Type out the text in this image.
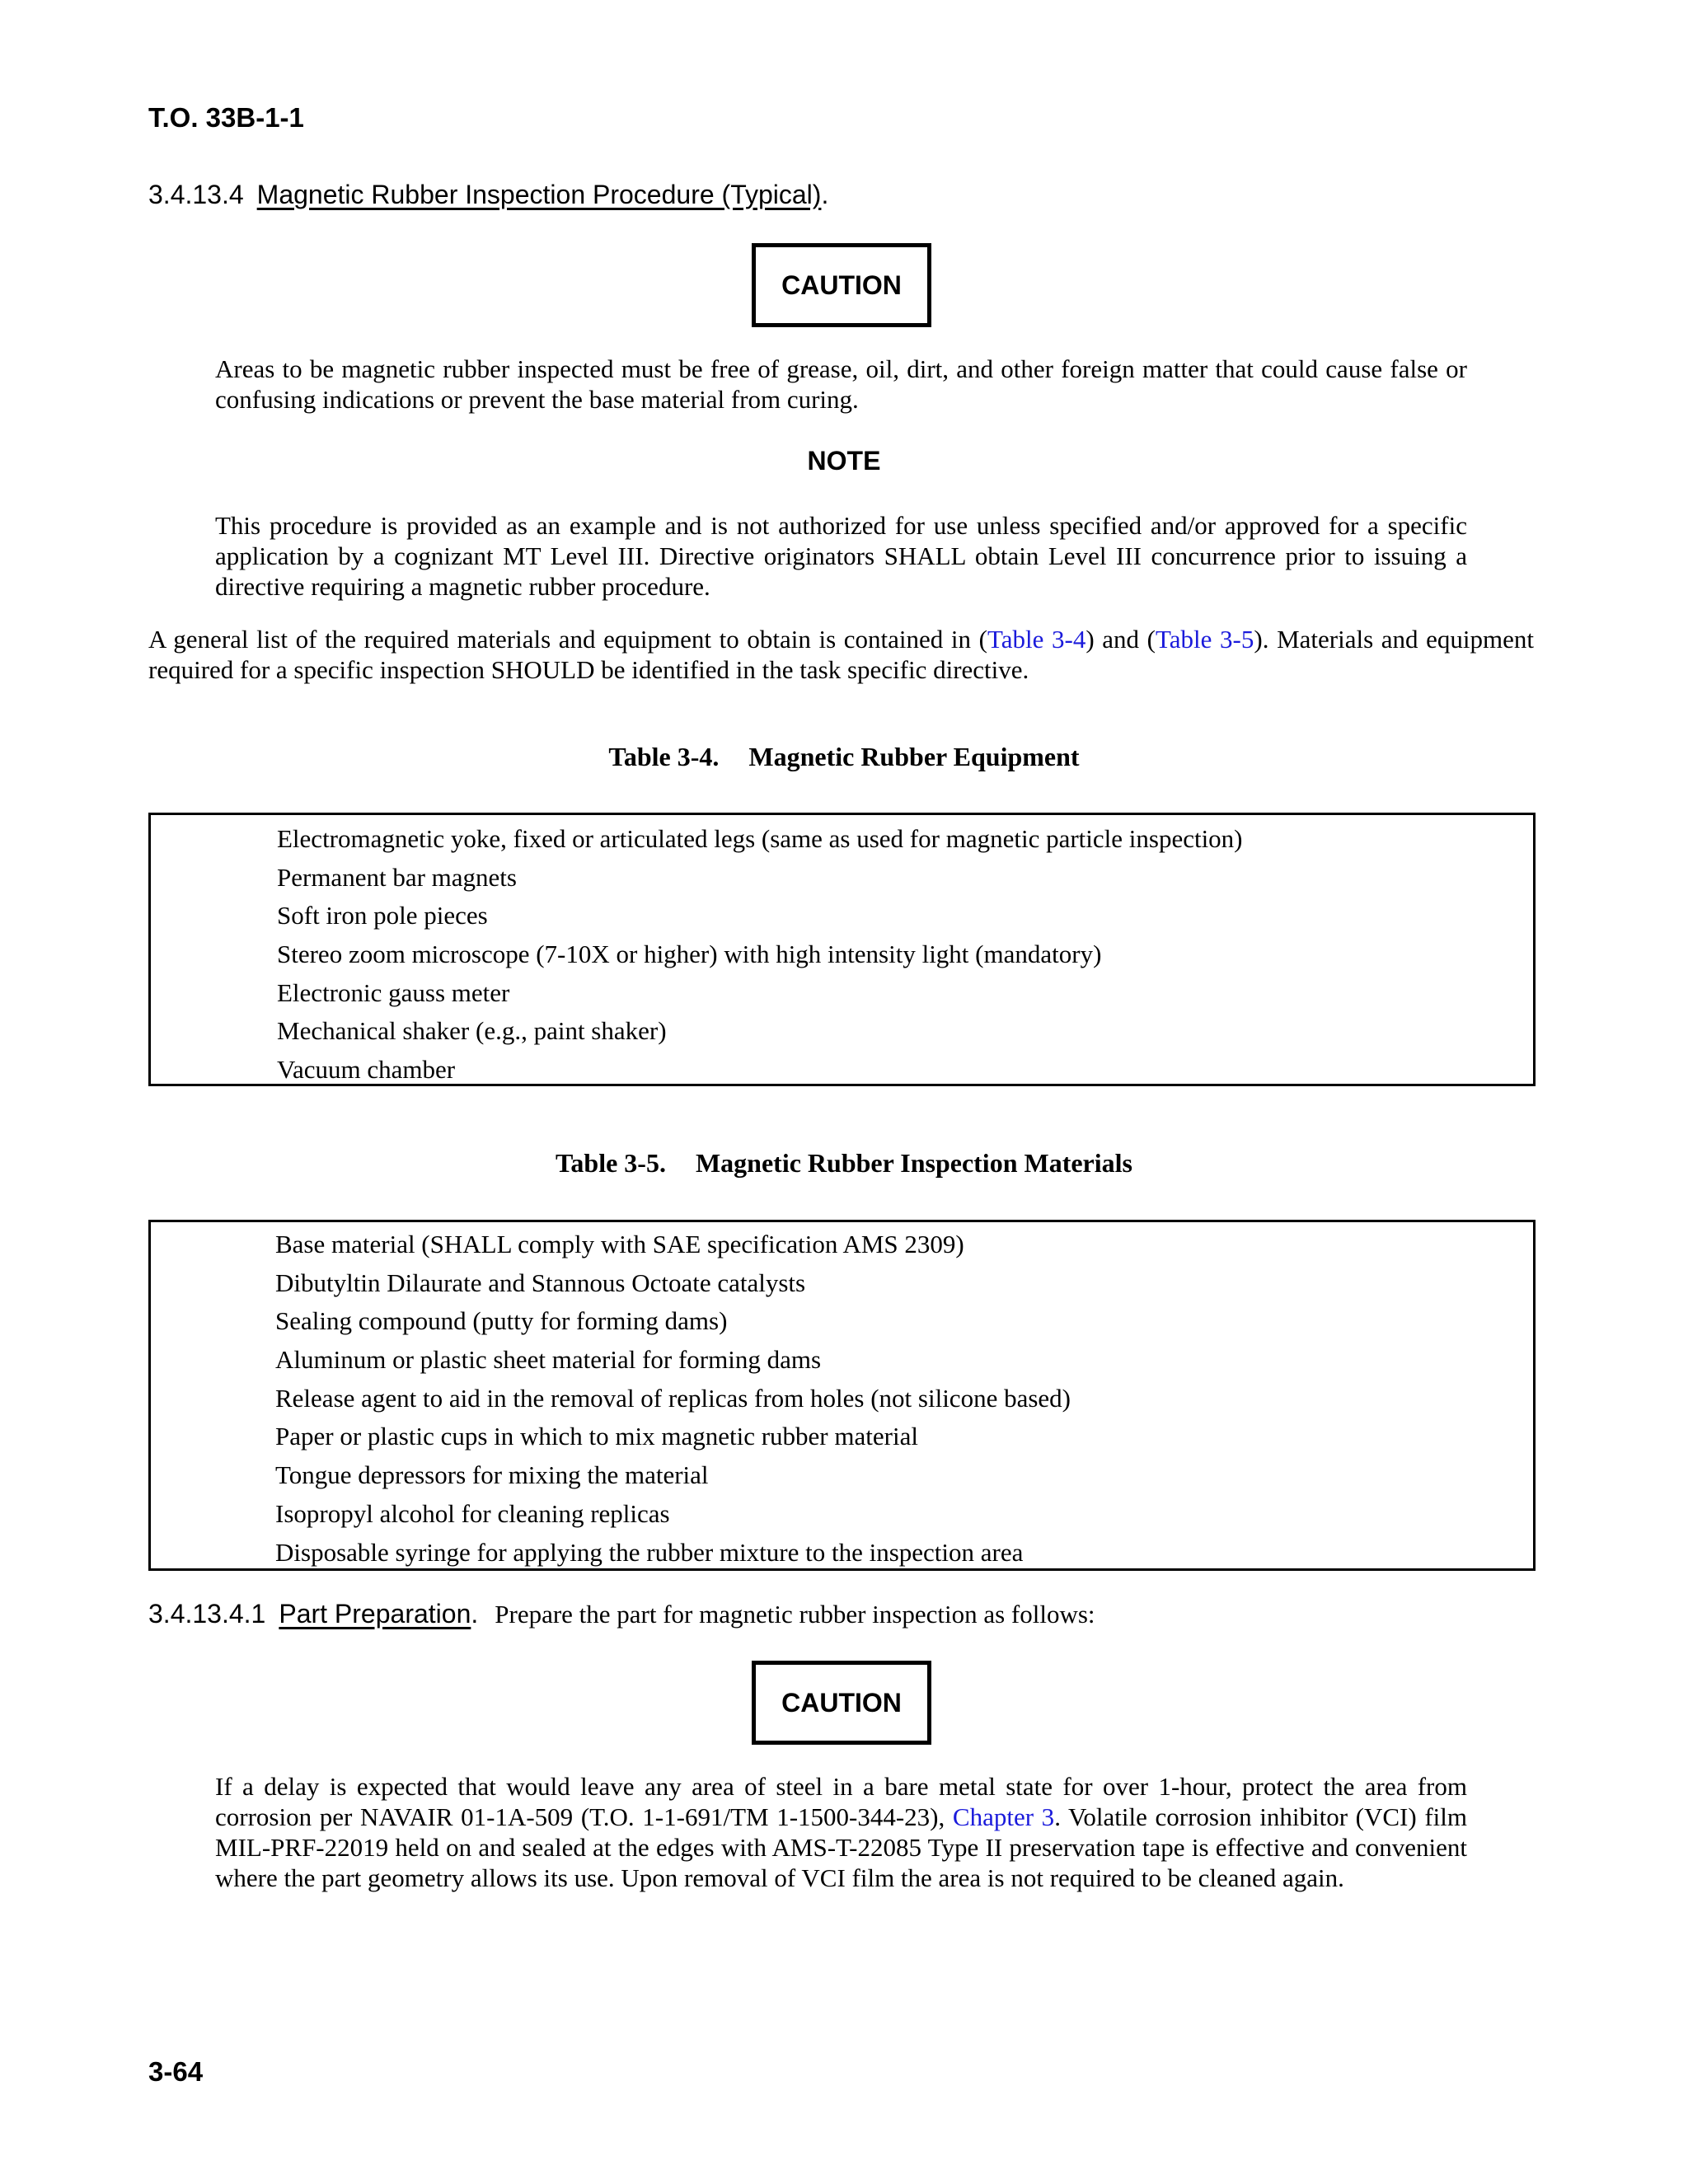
T.O. 33B-1-1
3.4.13.4 Magnetic Rubber Inspection Procedure (Typical).
CAUTION
Areas to be magnetic rubber inspected must be free of grease, oil, dirt, and other foreign matter that could cause false or confusing indications or prevent the base material from curing.
NOTE
This procedure is provided as an example and is not authorized for use unless specified and/or approved for a specific application by a cognizant MT Level III. Directive originators SHALL obtain Level III concurrence prior to issuing a directive requiring a magnetic rubber procedure.
A general list of the required materials and equipment to obtain is contained in (Table 3-4) and (Table 3-5). Materials and equipment required for a specific inspection SHOULD be identified in the task specific directive.
Table 3-4. Magnetic Rubber Equipment
Electromagnetic yoke, fixed or articulated legs (same as used for magnetic particle inspection)
Permanent bar magnets
Soft iron pole pieces
Stereo zoom microscope (7-10X or higher) with high intensity light (mandatory)
Electronic gauss meter
Mechanical shaker (e.g., paint shaker)
Vacuum chamber
Table 3-5. Magnetic Rubber Inspection Materials
Base material (SHALL comply with SAE specification AMS 2309)
Dibutyltin Dilaurate and Stannous Octoate catalysts
Sealing compound (putty for forming dams)
Aluminum or plastic sheet material for forming dams
Release agent to aid in the removal of replicas from holes (not silicone based)
Paper or plastic cups in which to mix magnetic rubber material
Tongue depressors for mixing the material
Isopropyl alcohol for cleaning replicas
Disposable syringe for applying the rubber mixture to the inspection area
3.4.13.4.1 Part Preparation. Prepare the part for magnetic rubber inspection as follows:
CAUTION
If a delay is expected that would leave any area of steel in a bare metal state for over 1-hour, protect the area from corrosion per NAVAIR 01-1A-509 (T.O. 1-1-691/TM 1-1500-344-23), Chapter 3. Volatile corrosion inhibitor (VCI) film MIL-PRF-22019 held on and sealed at the edges with AMS-T-22085 Type II preservation tape is effective and convenient where the part geometry allows its use. Upon removal of VCI film the area is not required to be cleaned again.
3-64
